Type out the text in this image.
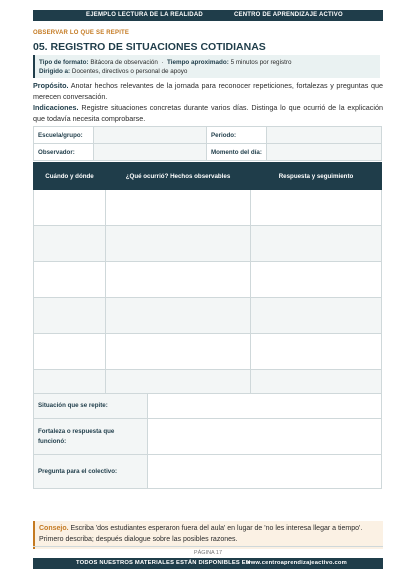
EJEMPLO LECTURA DE LA REALIDAD	CENTRO DE APRENDIZAJE ACTIVO
OBSERVAR LO QUE SE REPITE
05. REGISTRO DE SITUACIONES COTIDIANAS
Tipo de formato: Bitácora de observación  ·  Tiempo aproximado: 5 minutos por registro
Dirigido a: Docentes, directivos o personal de apoyo
Propósito. Anotar hechos relevantes de la jornada para reconocer repeticiones, fortalezas y preguntas que merecen conversación.
Indicaciones. Registre situaciones concretas durante varios días. Distinga lo que ocurrió de la explicación que todavía necesita comprobarse.
Escuela/grupo:		Periodo:	
Observador:		Momento del día:	
Cuándo y dónde	¿Qué ocurrió? Hechos observables	Respuesta y seguimiento

Situación que se repite:	
Fortaleza o respuesta que funcionó:	
Pregunta para el colectivo:	
Consejo. Escriba 'dos estudiantes esperaron fuera del aula' en lugar de 'no les interesa llegar a tiempo'. Primero describa; después dialogue sobre las posibles razones.
PÁGINA 17
TODOS NUESTROS MATERIALES ESTÁN DISPONIBLES EN
www.centroaprendizajeactivo.com
